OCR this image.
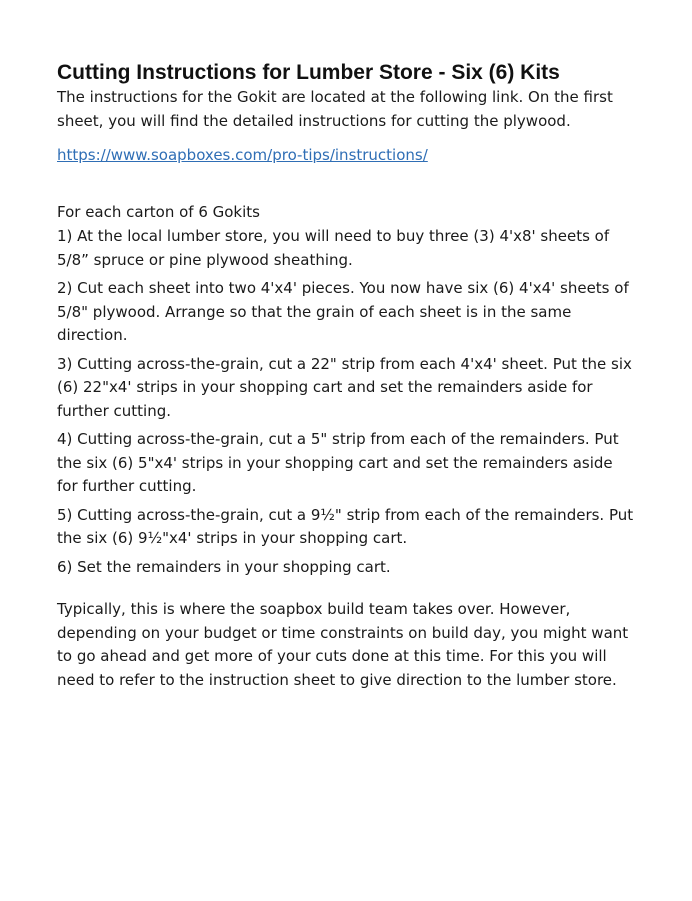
Cutting Instructions for Lumber Store - Six (6) Kits

The instructions for the Gokit are located at the following link. On the first sheet, you will find the detailed instructions for cutting the plywood.

https://www.soapboxes.com/pro-tips/instructions/

For each carton of 6 Gokits

1) At the local lumber store, you will need to buy three (3) 4'x8' sheets of 5/8” spruce or pine plywood sheathing.

2) Cut each sheet into two 4'x4' pieces. You now have six (6) 4'x4' sheets of 5/8" plywood. Arrange so that the grain of each sheet is in the same direction.

3) Cutting across-the-grain, cut a 22" strip from each 4'x4' sheet. Put the six (6) 22"x4' strips in your shopping cart and set the remainders aside for further cutting.

4) Cutting across-the-grain, cut a 5" strip from each of the remainders. Put the six (6) 5"x4' strips in your shopping cart and set the remainders aside for further cutting.

5) Cutting across-the-grain, cut a 9½" strip from each of the remainders. Put the six (6) 9½"x4' strips in your shopping cart.

6) Set the remainders in your shopping cart.

Typically, this is where the soapbox build team takes over. However, depending on your budget or time constraints on build day, you might want to go ahead and get more of your cuts done at this time. For this you will need to refer to the instruction sheet to give direction to the lumber store.
